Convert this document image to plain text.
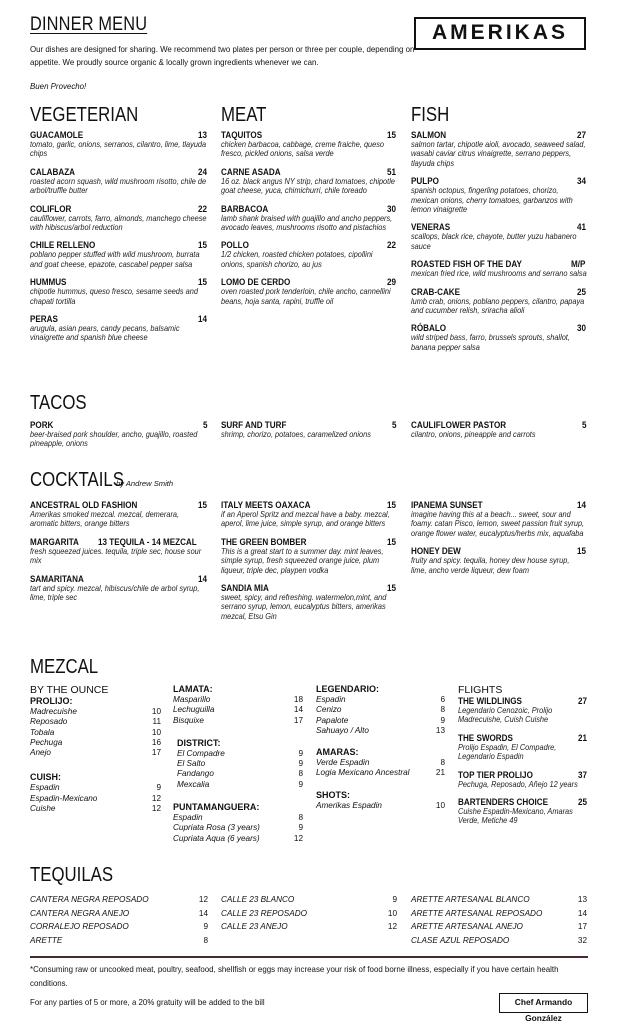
DINNER MENU
Our dishes are designed for sharing. We recommend two plates per person or three per couple, depending on appetite. We proudly source organic & locally grown ingredients whenever we can.
Buen Provecho!
AMERIKAS
VEGETERIAN	MEAT	FISH
GUACAMOLE	13
tomato, garlic, onions, serranos, cilantro, lime, tlayuda chips
CALABAZA	24
roasted acorn squash, wild mushroom risotto, chile de arbol/truffle butter
COLIFLOR	22
cauliflower, carrots, farro, almonds, manchego cheese with hibiscus/arbol reduction
CHILE RELLENO	15
poblano pepper stuffed with wild mushroom, burrata and goat cheese, epazote, cascabel pepper salsa
HUMMUS	15
chipotle hummus, queso fresco, sesame seeds and chapati tortilla
PERAS	14
arugula, asian pears, candy pecans, balsamic vinaigrette and spanish blue cheese
TAQUITOS	15
chicken barbacoa, cabbage, creme fraiche, queso fresco, pickled onions, salsa verde
CARNE ASADA	51
16 oz. black angus NY strip, chard tomatoes, chipotle goat cheese, yuca, chimichurri, chile toreado
BARBACOA	30
lamb shank braised with guajillo and ancho peppers, avocado leaves, mushrooms risotto and pistachios
POLLO	22
1/2 chicken, roasted chicken potatoes, cipollini onions, spanish chorizo, au jus
LOMO DE CERDO	29
oven roasted pork tenderloin, chile ancho, cannellini beans, hoja santa, rapini, truffle oil
SALMON	27
salmon tartar, chipotle aioli, avocado, seaweed salad, wasabi caviar citrus vinaigrette, serrano peppers, tlayuda chips
PULPO	34
spanish octopus, fingerling potatoes, chorizo, mexican onions, cherry tomatoes, garbanzos with lemon vinaigrette
VENERAS	41
scallops, black rice, chayote, butter yuzu habanero sauce
ROASTED FISH OF THE DAY	M/P
mexican fried rice, wild mushrooms and serrano salsa
CRAB-CAKE	25
lumb crab, onions, poblano peppers, cilantro, papaya and cucumber relish, sriracha alioli
RÓBALO	30
wild striped bass, farro, brussels sprouts, shallot, banana pepper salsa
TACOS
PORK	5
beer-braised pork shoulder, ancho, guajillo, roasted pineapple, onions
SURF AND TURF	5
shrimp, chorizo, potatoes, caramelized onions
CAULIFLOWER PASTOR	5
cilantro, onions, pineapple and carrots
COCKTAILS
by Andrew Smith
ANCESTRAL OLD FASHION	15
Amerikas smoked mezcal. mezcal, demerara, aromatic bitters, orange bitters
MARGARITA 13 TEQUILA - 14 MEZCAL
fresh squeezed juices. tequila, triple sec, house sour mix
SAMARITANA	14
tart and spicy. mezcal, hibiscus/chile de arbol syrup, lime, triple sec
ITALY MEETS OAXACA	15
if an Aperol Spritz and mezcal have a baby. mezcal, aperol, lime juice, simple syrup, and orange bitters
THE GREEN BOMBER	15
This is a great start to a summer day. mint leaves, simple syrup, fresh squeezed orange juice, plum liqueur, triple dec, playpen vodka
SANDIA MIA	15
sweet, spicy, and refreshing. watermelon,mint, and serrano syrup, lemon, eucalyptus bitters, amerikas mezcal, Etsu Gin
IPANEMA SUNSET	14
imagine having this at a beach... sweet, sour and foamy. catan Pisco, lemon, sweet passion fruit syrup, orange flower water, eucalyptus/herbs mix, aquafaba
HONEY DEW	15
fruity and spicy. tequila, honey dew house syrup, lime, ancho verde liqueur, dew foam
MEZCAL
BY THE OUNCE
PROLIJO:
Madrecuishe	10
Reposado	11
Tobala	10
Pechuga	16
Anejo	17
CUISH:
Espadin	9
Espadin-Mexicano	12
Cuishe	12
LAMATA:
Masparillo	18
Lechuguilla	14
Bisquixe	17
DISTRICT:
El Compadre	9
El Salto	9
Fandango	8
Mexcalia	9
PUNTAMANGUERA:
Espadin	8
Cupriata Rosa (3 years)	9
Cupriata Aqua (6 years)	12
LEGENDARIO:
Espadin	6
Cenizo	8
Papalote	9
Sahuayo / Alto	13
AMARAS:
Verde Espadin	8
Logia Mexicano Ancestral	21
SHOTS:
Amerikas Espadin	10
FLIGHTS
THE WILDLINGS	27
Legendario Cenozoic, Prolijo Madrecuishe, Cuish Cuishe
THE SWORDS	21
Prolijo Espadin, El Compadre, Legendario Espadin
TOP TIER PROLIJO	37
Pechuga, Reposado, Añejo 12 years
BARTENDERS CHOICE	25
Cuishe Espadin-Mexicano, Amaras Verde, Metiche 49
TEQUILAS
CANTERA NEGRA REPOSADO	12
CANTERA NEGRA ANEJO	14
CORRALEJO REPOSADO	9
ARETTE	8
CALLE 23 BLANCO	9
CALLE 23 REPOSADO	10
CALLE 23 ANEJO	12
ARETTE ARTESANAL BLANCO	13
ARETTE ARTESANAL REPOSADO	14
ARETTE ARTESANAL ANEJO	17
CLASE AZUL REPOSADO	32
*Consuming raw or uncooked meat, poultry, seafood, shellfish or eggs may increase your risk of food borne illness, especially if you have certain health conditions.
For any parties of 5 or more, a 20% gratuity will be added to the bill	Chef Armando González
